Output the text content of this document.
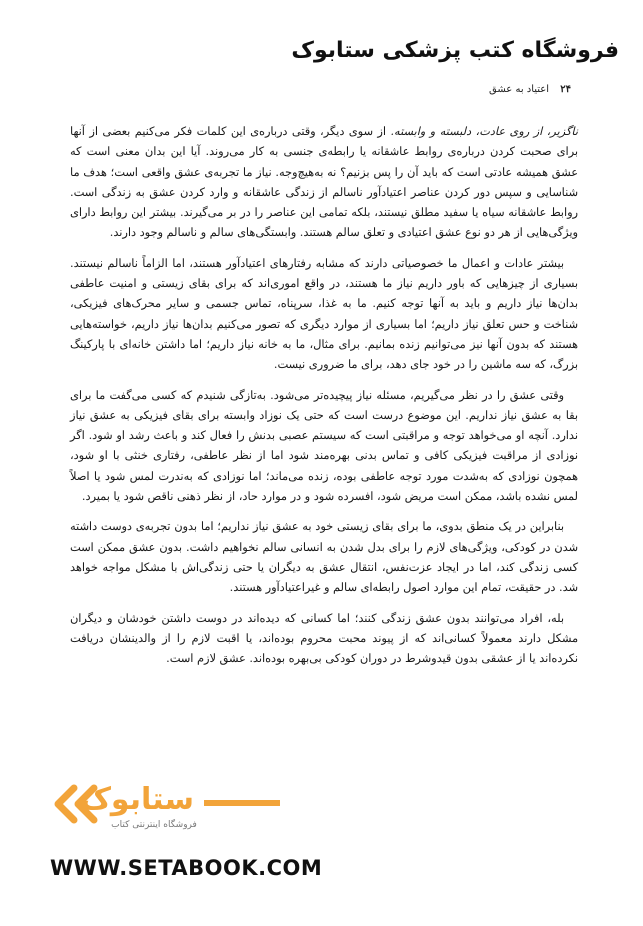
فروشگاه کتب پزشکی ستابوک
۲۴ اعتیاد به عشق

ناگزیر، از روی عادت، دلبسته و وابسته. از سوی دیگر، وقتی درباره‌ی این کلمات فکر می‌کنیم بعضی از آنها برای صحبت کردن درباره‌ی روابط عاشقانه یا رابطه‌ی جنسی به کار می‌روند. آیا این بدان معنی است که عشق همیشه عادتی است که باید آن را پس بزنیم؟ نه به‌هیچ‌وجه. نیاز ما تجربه‌ی عشق واقعی است؛ هدف ما شناسایی و سپس دور کردن عناصر اعتیادآور ناسالم از زندگی عاشقانه و وارد کردن عشق به زندگی است. روابط عاشقانه سیاه یا سفید مطلق نیستند، بلکه تمامی این عناصر را در بر می‌گیرند. بیشتر این روابط دارای ویژگی‌هایی از هر دو نوع عشق اعتیادی و تعلق سالم هستند. وابستگی‌های سالم و ناسالم وجود دارند.

بیشتر عادات و اعمال ما خصوصیاتی دارند که مشابه رفتارهای اعتیادآور هستند، اما الزاماً ناسالم نیستند. بسیاری از چیزهایی که باور داریم نیاز ما هستند، در واقع اموری‌اند که برای بقای زیستی و امنیت عاطفی بدان‌ها نیاز داریم و باید به آنها توجه کنیم. ما به غذا، سرپناه، تماس جسمی و سایر محرک‌های فیزیکی، شناخت و حس تعلق نیاز داریم؛ اما بسیاری از موارد دیگری که تصور می‌کنیم بدان‌ها نیاز داریم، خواسته‌هایی هستند که بدون آنها نیز می‌توانیم زنده بمانیم. برای مثال، ما به خانه نیاز داریم؛ اما داشتن خانه‌ای با پارکینگ بزرگ، که سه ماشین را در خود جای دهد، برای ما ضروری نیست.

وقتی عشق را در نظر می‌گیریم، مسئله نیاز پیچیده‌تر می‌شود. به‌تازگی شنیدم که کسی می‌گفت ما برای بقا به عشق نیاز نداریم. این موضوع درست است که حتی یک نوزاد وابسته برای بقای فیزیکی به عشق نیاز ندارد. آنچه او می‌خواهد توجه و مراقبتی است که سیستم عصبی بدنش را فعال کند و باعث رشد او شود. اگر نوزادی از مراقبت فیزیکی کافی و تماس بدنی بهره‌مند شود اما از نظر عاطفی، رفتاری خنثی با او شود، همچون نوزادی که به‌شدت مورد توجه عاطفی بوده، زنده می‌ماند؛ اما نوزادی که به‌ندرت لمس شود یا اصلاً لمس نشده باشد، ممکن است مریض شود، افسرده شود و در موارد حاد، از نظر ذهنی ناقص شود یا بمیرد.

بنابراین در یک منطق بدوی، ما برای بقای زیستی خود به عشق نیاز نداریم؛ اما بدون تجربه‌ی دوست داشته شدن در کودکی، ویژگی‌های لازم را برای بدل شدن به انسانی سالم نخواهیم داشت. بدون عشق ممکن است کسی زندگی کند، اما در ایجاد عزت‌نفس، انتقال عشق به دیگران یا حتی زندگی‌اش با مشکل مواجه خواهد شد. در حقیقت، تمام این موارد اصول رابطه‌ای سالم و غیراعتیادآور هستند.

بله، افراد می‌توانند بدون عشق زندگی کنند؛ اما کسانی که دیده‌اند در دوست داشتن خودشان و دیگران مشکل دارند معمولاً کسانی‌اند که از پیوند محبت محروم بوده‌اند، یا اقبت لازم را از والدینشان دریافت نکرده‌اند یا از عشقی بدون قیدوشرط در دوران کودکی بی‌بهره بوده‌اند. عشق لازم است.

ستابوک
فروشگاه اینترنتی کتاب
WWW.SETABOOK.COM
